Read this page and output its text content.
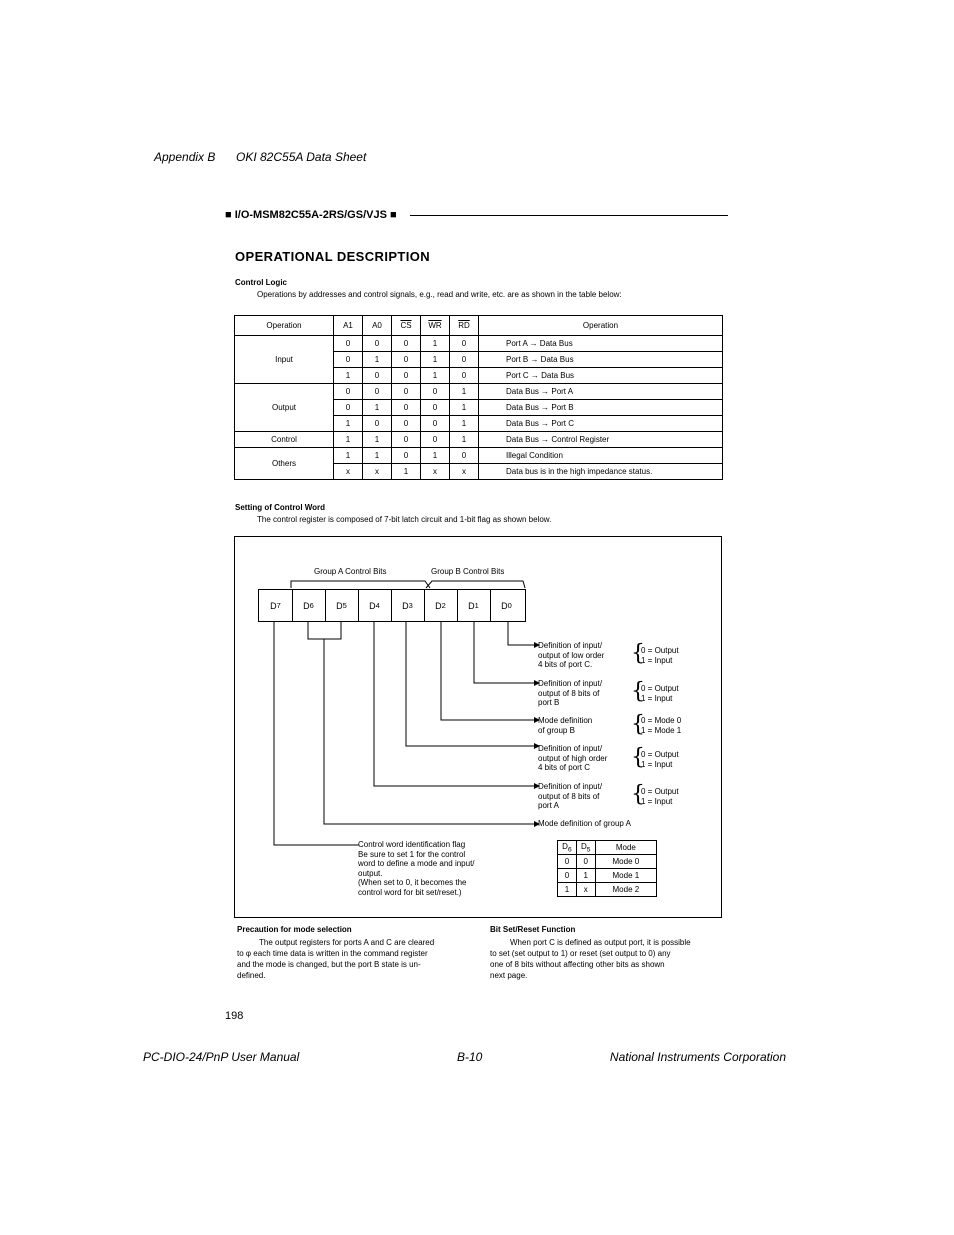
Appendix B OKI 82C55A Data Sheet
■ I/O-MSM82C55A-2RS/GS/VJS ■
OPERATIONAL DESCRIPTION
Control Logic
Operations by addresses and control signals, e.g., read and write, etc. are as shown in the table below:
Operation	A1	A0	$\overline{CS}$	$\overline{WR}$	$\overline{RD}$	Operation
Input	0	0	0	1	0	Port A → Data Bus
	0	1	0	1	0	Port B → Data Bus
	1	0	0	1	0	Port C → Data Bus
Output	0	0	0	0	1	Data Bus → Port A
	0	1	0	0	1	Data Bus → Port B
	1	0	0	0	1	Data Bus → Port C
Control	1	1	0	0	1	Data Bus → Control Register
Others	1	1	0	1	0	Illegal Condition
	x	x	1	x	x	Data bus is in the high impedance status.
Setting of Control Word
The control register is composed of 7-bit latch circuit and 1-bit flag as shown below.
Group A Control Bits	Group B Control Bits
D 7	D 6	D 5	D 4	D 3	D 2	D 1	D 0
Definition of input/
output of low order
4 bits of port C.	{
0 = Output
1 = Input
Definition of input/
output of 8 bits of
port B	{
0 = Output
1 = Input
Mode definition
of group B	{
0 = Mode 0
1 = Mode 1
Definition of input/
output of high order
4 bits of port C	{
0 = Output
1 = Input
Definition of input/
output of 8 bits of
port A	{
0 = Output
1 = Input
Mode definition of group A
Control word identification flag
Be sure to set 1 for the control
word to define a mode and input/
output.
(When set to 0, it becomes the
control word for bit set/reset.)
$D_6$	$D_5$	Mode
0	0	Mode 0
0	1	Mode 1
1	x	Mode 2
Precaution for mode selection
The output registers for ports A and C are cleared
to φ each time data is written in the command register
and the mode is changed, but the port B state is un-
defined.
Bit Set/Reset Function
When port C is defined as output port, it is possible
to set (set output to 1) or reset (set output to 0) any
one of 8 bits without affecting other bits as shown
next page.
198
PC-DIO-24/PnP User Manual	B-10	National Instruments Corporation
